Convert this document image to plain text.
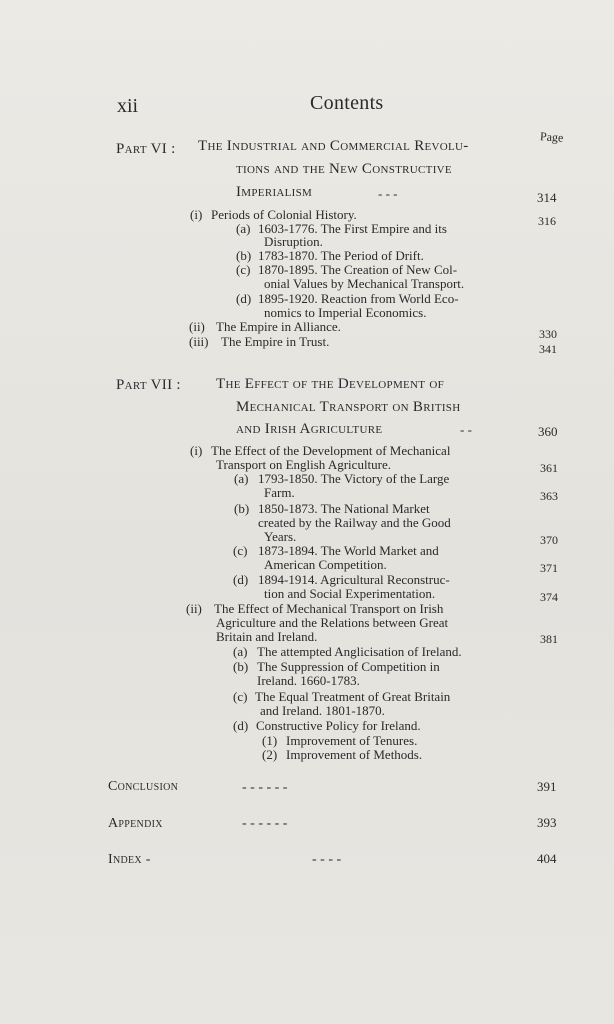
xii	Contents
Page
Part VI : The Industrial and Commercial Revolu-
tions and the New Constructive
Imperialism	- - -	314
(i) Periods of Colonial History.	316
(a) 1603-1776. The First Empire and its
Disruption.
(b) 1783-1870. The Period of Drift.
(c) 1870-1895. The Creation of New Col-
onial Values by Mechanical Transport.
(d) 1895-1920. Reaction from World Eco-
nomics to Imperial Economics.
(ii) The Empire in Alliance.	330
(iii) The Empire in Trust.	341
Part VII : The Effect of the Development of
Mechanical Transport on British
and Irish Agriculture	- -	360
(i) The Effect of the Development of Mechanical
Transport on English Agriculture.	361
(a) 1793-1850. The Victory of the Large
Farm.	363
(b) 1850-1873. The National Market
created by the Railway and the Good
Years.	370
(c) 1873-1894. The World Market and
American Competition.	371
(d) 1894-1914. Agricultural Reconstruc-
tion and Social Experimentation.	374
(ii) The Effect of Mechanical Transport on Irish
Agriculture and the Relations between Great
Britain and Ireland.	381
(a) The attempted Anglicisation of Ireland.
(b) The Suppression of Competition in
Ireland. 1660-1783.
(c) The Equal Treatment of Great Britain
and Ireland. 1801-1870.
(d) Constructive Policy for Ireland.
(1) Improvement of Tenures.
(2) Improvement of Methods.
Conclusion	- - - - - -	391
Appendix	- - - - - -	393
Index -	- - - -	404
